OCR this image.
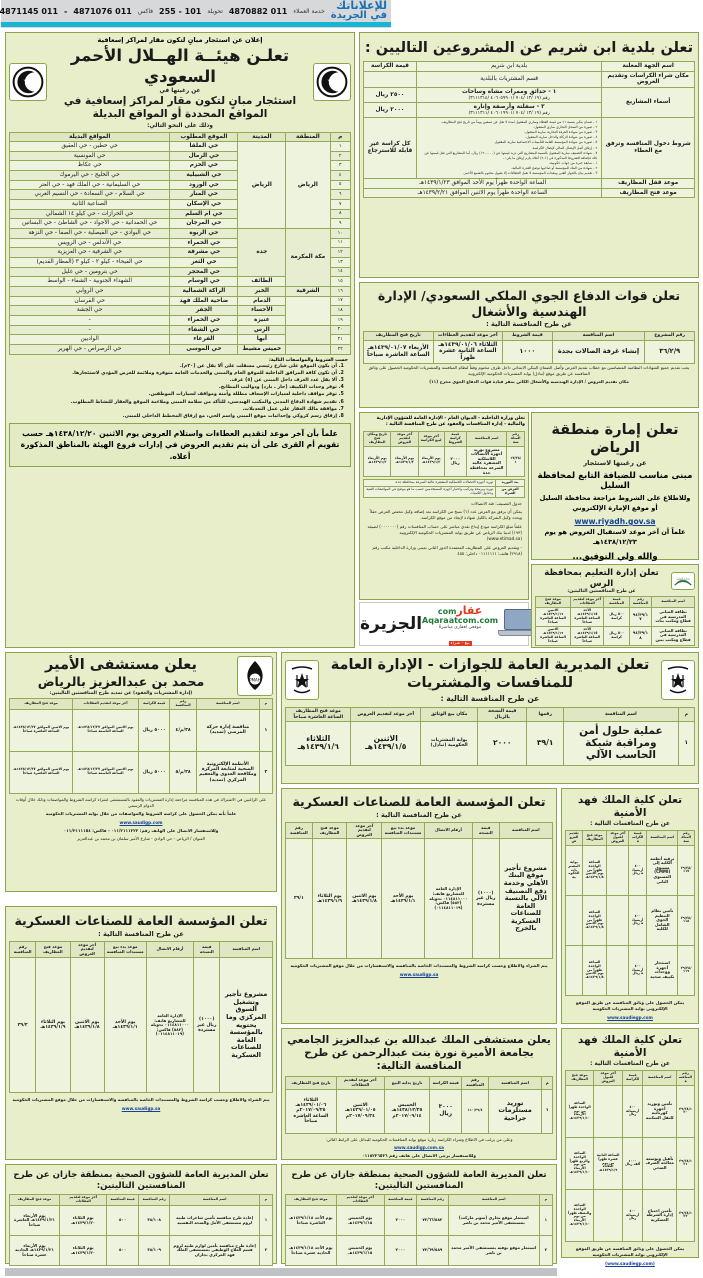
للإعلاناتك
في الجريدة
خدمة العملاء
011 4870882
تحويلة
101 - 255
فاكس
011 4871076
-
011 4871145
إعلان عن استئجار مبانٍ لتكون مقار لمراكز إسعافية
تعلـن هيئــة الهــلال الأحمر السعودي
عن رغبتها في
استئجار مبانٍ لتكون مقار لمراكز إسعافية في المواقع المحددة أو المواقع البديلة
وذلك على النحو التالي:
م	المنطقة	المدينة	الموقع المطلوب	المواقع البديلة
١	الرياض	الرياض	حي الملقا	حي حطين - حي العقيق
٢			حي الرمال	حي المونسية
٣			حي الحزم	حي عكاظ
٤			حي الشبيلية	حي الخليج - حي اليرموك
٥			حي الورود	حي السليمانية - حي الملك فهد - حي العتر
٦			حي المنار	حي السلام - حي السعادة - حي النسيم الغربي
٧			حي الإسكان	الصناعية الثانية
٨			حي ام السلم	حي الحرازات - حي كيلو ١٤ الشمالي
٩			حي المرجان	حي الحمدانية - حي الأجواد - حي الشاطئ - حي البساتين
١٠	مكة المكرمة	جدة	حي الربوة	حي البوادي - حي الفيصلية - حي الصفا - حي النزهة
١١			حي الحمراء	حي الأندلس - حي الرويس
١٢			حي مشرفة	حي الشرفية - حي العزيزية
١٣			حي الثغر	حي الفيحاء - كيلو ٢ - كيلو ٣ (المطار القديم)
١٤			حي المحجر	حي بترومين - حي غليل
١٥		الطائف	حي الوسام	الشهداء الجنوبية - الشفاء - الواسط
١٦	الشرقية	الخبر	الراكة الشمالية	حي الروابي
١٧		الدمام	ضاحية الملك فهد	حي الفرسان
١٨		الأحساء	الجفر	حي الجشة
١٩		عنيزة	حي الحمراء	-
٢٠		الرس	حي الشفاء	-
٢١		أبها	الفرعاء	الواديين
٢٢		خميس مشيط	حي الموسى	حي الرصراص - حي الهرير
حسب الشروط والمواصفات التالية:
1. أن يكون الموقع على شارع رئيسي مسفلت على ألا يقل عن (٢٠م).
2. أن تكون كافة المرافق الداخلية للموقع العام والمبنى والخدمات العامة متوفرة وملائمة للغرض المؤدي لاستئجارها.
3. ألا يقل عدد الغرف داخل المبنى عن (٥) غرف.
4. توفر وحدات التكييف (حار ـ بارد) ودواليب المطابخ.
5. توفر مواقف داخلية لسيارات الإسعاف مظللة وآمنة ومواقف لسيارات الموظفين.
6. تقديم شهادة الدفاع المدني والمكتب الهندسي، للتأكد من سلامة المبنى وملاءمة الموقع والعقار للنشاط المطلوب.
7. موافقة مالك العقار على عمل التعديلات.
8. إرفاق رسم كروكي وإحداثيات موقع المبنى واسم الحي، مع إرفاق المخطط الداخلي للمبنى.
علماً بأن آخر موعد لتقديم العطاءات واستلام العروض يوم الاثنين ١٤٣٨/١٢/٢٠هـ حسب تقويم أم القرى على أن يتم تقديم العروض في إدارات فروع الهيئة بالمناطق المذكورة أعلاه.
تعلن بلدية ابن شريم عن المشروعين التاليين :
اسم الجهة المعلنة	بلدية ابن شريم	قيمة الكراسة
مكان شراء الكراسات وتقديم العروض	قسم المشتريات بالبلدية	
أسماء المشاريع	١ - حدائق وممرات مشاة وساحات
رقم (١٩ /١٣ /٧٠٤ /٤٠٦٠٥٩٩٠١ /٣١١١٣١٤)	٢٥٠٠ ريال

	٢ - سفلتة وأرصفة وإنارة
رقم (١٩ /١٣ /٧٠٤ /٤٠٦٠١٩٩٠١ /٣١١١٣١١)	٢٠٠٠ ريال
شروط دخول المنافسة وترفق مع العطاء	
١ - ضمان بنكي بنسبة ١٪ من قيمة العطاء وساري المفعول لمدة لا تقل عن تسعين يوماً من تاريخ فتح المظاريف.
٢ - صورة من السجل التجاري ساري المفعول.
٣ - صورة من شهادة الغرفة التجارية سارية المفعول.
٤ - صورة من شهادة الزكاة والدخل سارية المفعول.
٥ - صورة من شهادة المؤسسة العامة للتأمينات الاجتماعية سارية المفعول.
٦ - إرفاق أصل الإيصال المالي لإيصال الكراسة.
٧ - شهادة التصنيف سارية المفعول بالنسبة للمشاريع التي تزيد قيمتها عن (١٢٠٠٠٠٠) ريال، أما المشاريع التي تقل قيمتها عن ذلك فإضافة للشروط المذكورة في (١-٦) أعلاه يلزم إرفاق ما يلي: -
١ - سابقة خبرة من جهات حكومية.
٢ - شهادة من البنك للمؤسسة أو صاحبها توضح القدرة المالية.
٣ - تقديم بيان بالجهاز الفني ومعدات المؤسسة لا تقبل العطاءات إلا بقبول مختوم بالشمع الأحمر.
	كل كراسة غير قابلة للاسترجاع
موعد قفل المظاريف	الساعة الواحدة ظهراً يوم الأحد الموافق ١٤٣٩/١/٢٣هـ	
موعد فتح المظاريف	الساعة الواحدة ظهراً يوم الاثنين الموافق ١٤٣٩/٢/٢١هـ	
تعلن قوات الدفاع الجوي الملكي السعودي/ الإدارة الهندسية والأشغال
عن طرح المنافسة التالية :
رقم المشروع	اسم المنافسة	قيمة الشروط	آخر موعد لتقديم العطاءات	تاريخ فتح المظاريف
٣٦/٢/٩	إنشاء غرفة الصالات بجدة	١٠٠٠	الثلاثاء ١٤٣٩/٠١/٠٦هـ الساعة الثانية عشرة ظهراً	الأربعاء ١٤٣٩/٠١/٠٧هـ الساعة العاشرة صباحاً
يجب تقديم جميع الشهادات النظامية المتضامنين مع خطاب تقديم العرض وأصل الضمان البنكي الابتدائي داخل ظرف مختوم وفقاً لنظام المنافسة والمشتريات الحكومية الحصول على وثائق المنافسة عن طريق موقع (تباذل) بوابة المشتريات الحكومية الإلكترونية
مكان تقديم العروض / الإدارة الهندسية والأشغال الكائن بمقر قيادة قوات الدفاع الجوي مخرج (١١)
تعلن إمارة منطقة الرياض
عن رغبتها لاستئجار
مبنى مناسب للضيافة التابع لمحافظة السليل
وللاطلاع على الشروط مراجعة محافظة السليل أو موقع الإمارة الإلكتروني
www.riyadh.gov.sa
علماً أن آخر موعد لاستقبال العروض هو يوم ١٤٣٨/١٢/٢٣هـ
والله ولي التوفيق...
تعلن وزارة الداخلية - الديوان العام - الإدارة العامة للشؤون الإدارية والمالية - إدارة المنافسات والعقود عن طرح المنافسة التالية :
رقم المنافسة	اسم المنافسة	قيمة كراسة الشروط	آخر موعد لبيع الكراسة	آخر موعد لتقديم العروض	تاريخ ومكان فتح المظاريف
١٧/٣٨/١	مشروع توريد أجهزة الاتصالات اللاسلكية المشفرة عالية السرعة بمحافظة جدة	٢٠٠٠ ريال	يوم الأربعاء ١٤٣٩/١/٣هـ	يوم الأربعاء ١٤٣٩/١/٣هـ	يوم الأربعاء ١٤٣٩/١/٣هـ
بند التوريد	توريد أجهزة الاتصالات اللاسلكية المشفرة عالية السرعة بمحافظة جدة
الغرض من الشراء	توريد وبرمجة وتركيب واختبار أجهزة المستخدمين حسب ما هو موضح في المواصفات الفنية وجداول الكميات
جدول التصنيف: فئة الاتصالات
يمكن أن يرفق مع العرض عدد (١) نسخ من الكراسة بعد إضافة وكيل مختص العرض حقلاً ويحدد وكيل الشركة بالكيل شهادة لإيجاد من موقع الكراسة.
علماً مبلغ الكراسة مودع إيداع نقدي مباشر على حساب المنافسات رقم (٠٠٠٠٠٠٠) لصيغة (١٩٣) لدينا بنك الرياض عن طريق بوابة المشتريات الحكومية الإلكترونية (www.etimad.sa)
- وتقديم العروض على المظاريف المعتمدة الدور الثاني بمبنى وزارة الداخلية مكتب رقم (٢٩١٨) هاتف: ٠١١١١١١١ داخلي: ٤٥٥
عقارcom
Aqaraatcom.com
موقعي لعقاري مباشرةً
بيع - شراء
الجزيرة
وزارة التعليم
تعلن إدارة التعليم بمحافظة الرس
عن طرح المنافستين التاليتين:
اسم المنافسة	رقم المنافسة	قيمة المنافسة	آخر موعد لتقديم العطاءات	موعد فتح المظاريف
نظافة المباني المدرسية في قطاع ومكتب بنات	٩٤/٣٩/١٧	٥٠٠ ريال كراسة	الأحد ١٤٣٩/١/١٥هـ الساعة العاشرة صباحاً	الاثنين ١٤٣٩/١/١٦هـ الساعة العاشرة صباحاً
نظافة المباني المدرسية في قطاع ومكتب بنين	٩٤/٣٩/١٨	٥٠٠ ريال كراسة	الأحد ١٤٣٩/١/١٥هـ الساعة العاشرة صباحاً	الاثنين ١٤٣٩/١/١٦هـ الساعة العاشرة صباحاً
PMAH
يعلن مستشفى الأمير
محمد بن عبدالعزيز بالرياض
(إدارة المشتريات والعقود) عن تمديد طرح المنافستين التاليتين:
م	اسم المنافسة	رقم المنافسة	قيمة الكراسة	آخر موعد لتقديم العطاءات	موعد فتح المظاريف
١	منافسة إدارة حركة المرضى (تمديد)	٣٨/م/٤	٥٠٠٠ ريال	يوم الاثنين الموافق ١٤٣٨/١٢/٢٧هـ الساعة التاسعة صباحاً	يوم الاثنين الموافق ١٤٣٨/١٢/٢٧هـ الساعة العاشرة صباحاً
٢	الأنظمة الإلكترونية الصحية لمتابعة المركزة ومكافحة العدوى والتعقيم المركزي (تمديد)	٣٨/م/٥	٥٠٠٠ ريال	يوم الاثنين الموافق ١٤٣٨/١٢/٢٧هـ الساعة التاسعة صباحاً	يوم الاثنين الموافق ١٤٣٨/١٢/٢٧هـ الساعة العاشرة صباحاً
على الراغبين في الاشتراك في هذه المنافسة مراجعة إدارة المشتريات والعقود بالمستشفى لشراء كراسة الشروط والمواصفات وذلك خلال أوقات الدوام الرسمي
علماً بأنه يمكن الحصول على كراسة الشروط والمواصفات من خلال بوابة المشتريات الحكومية
www.saudigp.com
وللاستفسار الاتصال على الهاتف رقم: ٠١١/٢١١١٢٢٢ - فاكس: ٠١١/٣١١١١٥٤
العنوان / الرياض - حي الوادي - شارع الأمير سلمان بن محمد بن عبدالعزيز
تعلن المديرية العامة للجوازات - الإدارة العامة للمنافسات والمشتريات
عن طرح المنافسة التالية :
م	اسم المنافسة	رقمها	قيمة النسخة بالريال	مكان بيع الوثائق	آخر موعد لتقديم العروض	موعد فتح المظاريف الساعة العاشرة صباحاً
١	عملية حلول أمن ومراقبة شبكة الحاسب الآلي	٣٩/١	٢٠٠٠	بوابة المشتريات الحكومية (تباذل)	الاثنين ١٤٣٩/١/٥هـ	الثلاثاء ١٤٣٩/١/٦هـ
تعلن المؤسسة العامة للصناعات العسكرية
عن طرح المنافسة التالية :
اسم المنافسة	قيمة النسخة	أرقام الاتصال	موعد بدء بيع مستندات المنافسة	آخر موعد لتقديم العروض	موعد فتح المظاريف	رقم المنافسة
مشروع تأجير موقع البنك الأهلي وخدمة دفع التصنيف الآلي بالنسبة العامة للصناعات العسكرية بالخرج	(١٠٠٠) ريال غير مستردة	الإدارة العامة للمشاريع هاتف: ٠١١٤٨١١٠٠٠ تحويلة (٥٨٢) فاكس: (٠١١٤٨١١٠١٩)	يوم الأحد ١٤٣٩/١/١هـ	يوم الاثنين ١٤٣٩/١/٨هـ	يوم الثلاثاء ١٤٣٩/١/٩هـ	٣٩/١
يتم الشراء والاطلاع وحسب كراسة الشروط والمستندات الخاصة بالمنافسة والاستفسارات من خلال موقع المشتريات الحكومية
www.saudigp.sa
تعلن كلية الملك فهد الأمنية
عن طرح المنافسات التالية :
رقم المنافسة	اسم المنافسة	قيمة الكراسة	آخر موعد لقبول العروض	موعد فتح المظاريف	تقديم العروض
٣٩/٣٨/١١٧	ترقية أنظمة الكلية إلى مستوى (CMMI) المستوى الثاني	٤٠٠ أربعمائة ريال		الساعة الواحدة ظهراً من يوم الاثنين ١٤٣٩/١/٨هـ	بوابة المشتريات الحكومية
٣٩/٣٨/١١٨	تأمين نظام التنظيم الجوي الشامل للكلية	٤٠٠ أربعمائة ريال		الساعة الواحدة ظهراً من يوم الاثنين ١٤٣٩/١/٨هـ	
٣٩/٣٨/١١٩	استئجار أجهزة ووحدات تكييف صحية	٤٠٠ أربعمائة ريال		الساعة الواحدة ظهراً من يوم الاثنين ١٤٣٩/١/٨هـ	
يمكن الحصول على وثائق المنافسة عن طريق الموقع الإلكتروني بوابة المشتريات الحكومية
www.saudiegp.com
تعلن المؤسسة العامة للصناعات العسكرية
عن طرح المنافسة التالية :
اسم المنافسة	قيمة النسخة	أرقام الاتصال	موعد بدء بيع مستندات المنافسة	آخر موعد لتقديم العروض	موعد فتح المظاريف	رقم المنافسة
مشروع تأجير وتشغيل السوق المركزي وما يحتويه بالمؤسسة العامة للصناعات العسكرية	(١٠٠٠) ريال غير مستردة	الإدارة العامة للمشاريع هاتف: ٠١١٤٨١١٠٠٠ تحويلة (٥٨٢) فاكس: (٠١١٤٨١١٠١٩)	يوم الأحد ١٤٣٩/١/١هـ	يوم الاثنين ١٤٣٩/١/٨هـ	يوم الثلاثاء ١٤٣٩/١/٩هـ	٣٩/٢
يتم الشراء والاطلاع وحسب كراسة الشروط والمستندات الخاصة بالمنافسة والاستفسارات من خلال موقع المشتريات الحكومية
www.saudigp.sa
يعلن مستشفى الملك عبدالله بن عبدالعزيز الجامعي
بجامعة الأميرة نورة بنت عبدالرحمن عن طرح المنافسة التالية:
م	اسم المنافسة	رقم المنافسة	قيمة الكراسة	تاريخ بداية البيع	آخر موعد لتقديم العطاءات	تاريخ فتح المظاريف
١	توريد مستلزمات جراحية	١١٠/٣٩/٤	٣٠٠٠ ريال	الخميس ١٤٣٨/١٢/٢٥هـ ٢٠١٧/٠٩/١٤م	الاثنين ١٤٣٩/٠١/٠٥هـ ٢٠١٧/٠٩/٢٤م	الثلاثاء ١٤٣٩/٠١/٠٦هـ ٢٠١٧/٠٩/٢٥م الساعة العاشرة صباحاً
وعلى من يرغب في الاطلاع وشراء الكراسة زيارة موقع بوابة المنافسات الحكومية للبدائل على الرابط التالي:
www.saudigp.com.sa
وللاستفسار يرجى الاتصال على هاتف رقم ٠١١٨٢٢٦٥٣٦
تعلن كلية الملك فهد الأمنية
عن طرح المنافسات التالية :
رقم المنافسة	اسم المنافسة	قيمة الكراسة	آخر موعد لقبول العروض	موعد فتح المظاريف
٣٩/٣٨/١٢٠	تأمين وتوريد أجهزة كهربائية للنقل السكنية	٤٠٠ أربعمائة ريال		الساعة الواحدة ظهراً من يوم الأربعاء ١٤٣٩/١/١٠هـ
٣٩/٣٨/١٢١	تأهيل وتوسعة معالجة الصرف الصحي	١٠٠٠ ألف ريال	الساعة الثانية عشرة ظهراً من يوم الثلاثاء ١٤٣٩/١/٩هـ	الساعة الواحدة والربع ظهراً من يوم الأربعاء ١٤٣٩/١/١٠هـ
٣٩/٣٨/١٢٢	تأمين احتياج إدارة الشرطة العسكرية	٤٠٠ أربعمائة ريال		الساعة الواحدة والنصف ظهراً من يوم الأربعاء ١٤٣٩/١/١٠هـ
يمكن الحصول على وثائق المنافسة عن طريق الموقع الإلكتروني بوابة المشتريات الحكومية
(www.saudiegp.com)
تعلن المديرية العامة للشؤون الصحية بمنطقة جازان عن طرح المنافستين التاليتين:
م	اسم المنافسة	رقم المنافسة	قيمة المنافسة	آخر موعد لتقديم العطاءات	موعد فتح المظاريف
١	إعادة طرح منافسة تأمين شاغرات طبية لزوم مستشفى الأمل والصحة النفسية	٣٨/١٠٨	٥٠٠	يوم الثلاثاء ١٤٣٩/١/٢٠هـ	يوم الأربعاء ١٤٣٩/١/٢١هـ العاشرة صباحاً
٢	إعادة طرح منافسة تأمين لوازم طبية لزوم قسم العلاج الوظيفي بمستشفى الملك فهد المركزي بجازان	٣٨/١٠٩	٥٠٠	يوم الثلاثاء ١٤٣٩/١/٢٠هـ	يوم الأربعاء ١٤٣٩/١/٢١هـ الحادية عشرة صباحاً
تعلن المديرية العامة للشؤون الصحية بمنطقة جازان عن طرح المنافستين التاليتين:
م	اسم المنافسة	رقم المنافسة	قيمة المنافسة	آخر موعد لتقديم العطاءات	موعد فتح المظاريف
١	استثمار موقع تجاري (سوبر ماركت) بمستشفى الأمير محمد بن ناصر	٧٢/٦٦/٥٨٢	٢٠٠٠	يوم الخميس ١٤٣٩/١/١٥هـ	يوم الأحد ١٤٣٩/١/١٨هـ العاشرة صباحاً
٢	استثمار موقع بوفيه بمستشفى الأمير محمد بن ناصر	٧٢/٦٩/٥٨٩	٢٠٠٠	يوم الخميس ١٤٣٩/١/١٥هـ	يوم الأحد ١٤٣٩/١/١٨هـ الحادية عشرة صباحاً
